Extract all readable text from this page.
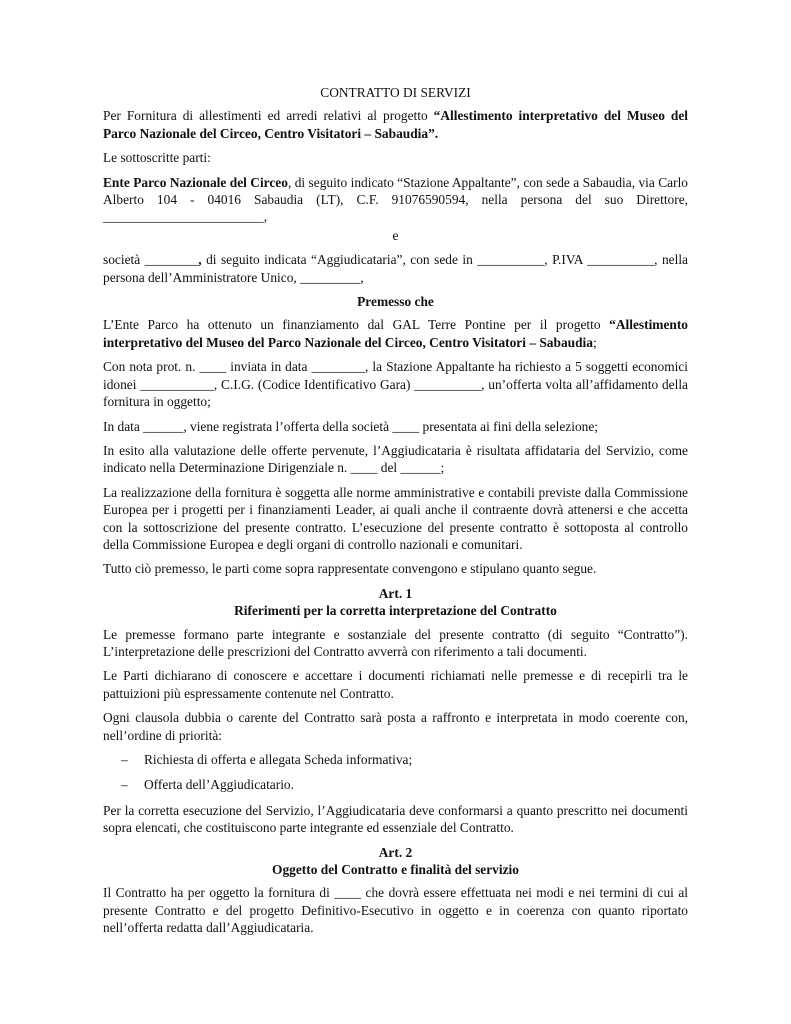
CONTRATTO DI SERVIZI

Per Fornitura di allestimenti ed arredi relativi al progetto “Allestimento interpretativo del Museo del Parco Nazionale del Circeo, Centro Visitatori – Sabaudia”.

Le sottoscritte parti:

Ente Parco Nazionale del Circeo, di seguito indicato “Stazione Appaltante”, con sede a Sabaudia, via Carlo Alberto 104 - 04016 Sabaudia (LT), C.F. 91076590594, nella persona del suo Direttore, ________________________,

e

società ________, di seguito indicata “Aggiudicataria”, con sede in __________, P.IVA __________, nella persona dell’Amministratore Unico, _________,

Premesso che

L’Ente Parco ha ottenuto un finanziamento dal GAL Terre Pontine per il progetto “Allestimento interpretativo del Museo del Parco Nazionale del Circeo, Centro Visitatori – Sabaudia;

Con nota prot. n. ____ inviata in data ________, la Stazione Appaltante ha richiesto a 5 soggetti economici idonei ___________, C.I.G. (Codice Identificativo Gara) __________, un’offerta volta all’affidamento della fornitura in oggetto;

In data ______, viene registrata l’offerta della società ____ presentata ai fini della selezione;

In esito alla valutazione delle offerte pervenute, l’Aggiudicataria è risultata affidataria del Servizio, come indicato nella Determinazione Dirigenziale n. ____ del ______;

La realizzazione della fornitura è soggetta alle norme amministrative e contabili previste dalla Commissione Europea per i progetti per i finanziamenti Leader, ai quali anche il contraente dovrà attenersi e che accetta con la sottoscrizione del presente contratto. L’esecuzione del presente contratto è sottoposta al controllo della Commissione Europea e degli organi di controllo nazionali e comunitari.

Tutto ciò premesso, le parti come sopra rappresentate convengono e stipulano quanto segue.

Art. 1

Riferimenti per la corretta interpretazione del Contratto

Le premesse formano parte integrante e sostanziale del presente contratto (di seguito “Contratto”). L’interpretazione delle prescrizioni del Contratto avverrà con riferimento a tali documenti.

Le Parti dichiarano di conoscere e accettare i documenti richiamati nelle premesse e di recepirli tra le pattuizioni più espressamente contenute nel Contratto.

Ogni clausola dubbia o carente del Contratto sarà posta a raffronto e interpretata in modo coerente con, nell’ordine di priorità:

–	Richiesta di offerta e allegata Scheda informativa;
–	Offerta dell’Aggiudicatario.

Per la corretta esecuzione del Servizio, l’Aggiudicataria deve conformarsi a quanto prescritto nei documenti sopra elencati, che costituiscono parte integrante ed essenziale del Contratto.

Art. 2

Oggetto del Contratto e finalità del servizio

Il Contratto ha per oggetto la fornitura di ____ che dovrà essere effettuata nei modi e nei termini di cui al presente Contratto e del progetto Definitivo-Esecutivo in oggetto e in coerenza con quanto riportato nell’offerta redatta dall’Aggiudicataria.
